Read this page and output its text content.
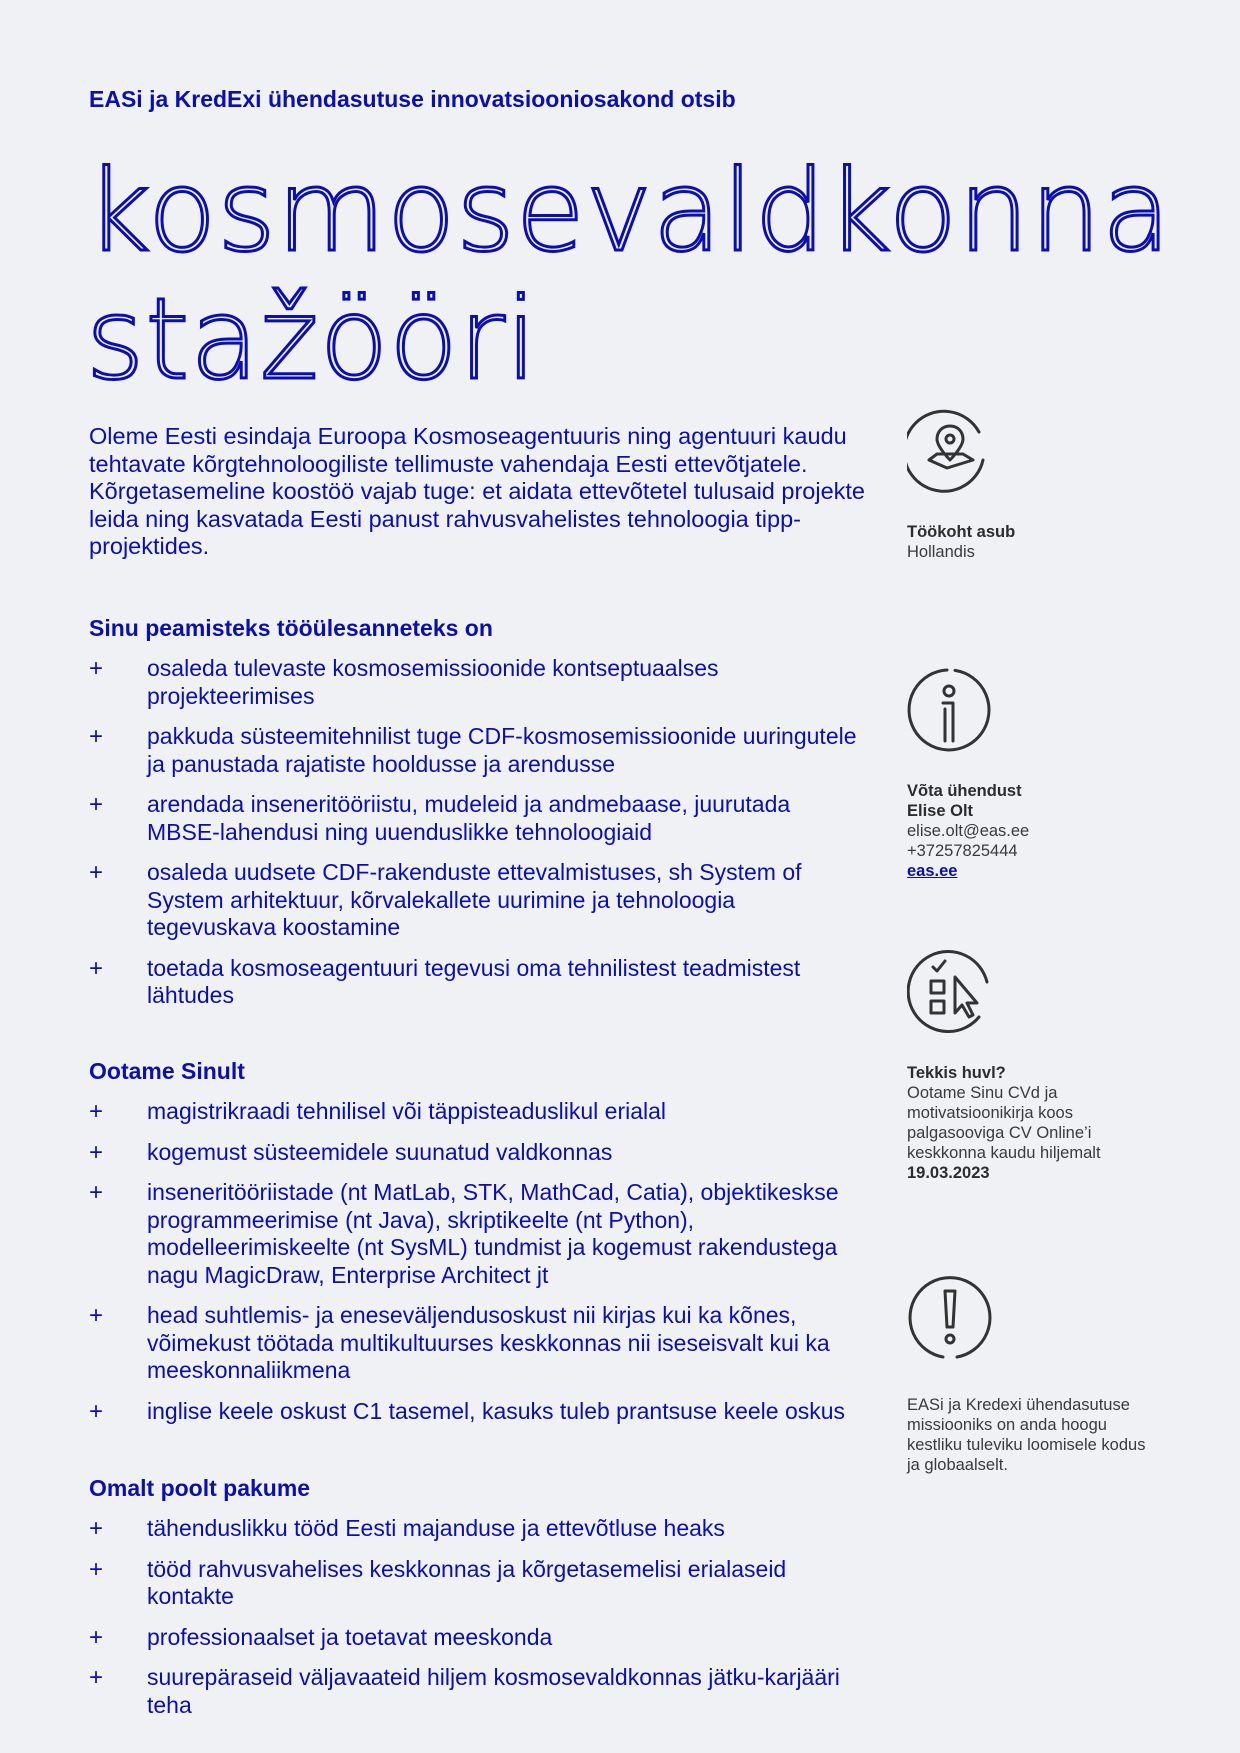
EASi ja KredExi ühendasutuse innovatsiooniosakond otsib
kosmosevaldkonna
stažööri
Oleme Eesti esindaja Euroopa Kosmoseagentuuris ning agentuuri kaudu tehtavate kõrgtehnoloogiliste tellimuste vahendaja Eesti ettevõtjatele. Kõrgetasemeline koostöö vajab tuge: et aidata ettevõtetel tulusaid projekte leida ning kasvatada Eesti panust rahvusvahelistes tehnoloogia tipp-projektides.
Sinu peamisteks tööülesanneteks on
+ osaleda tulevaste kosmosemissioonide kontseptuaalses projekteerimises
+ pakkuda süsteemitehnilist tuge CDF-kosmosemissioonide uuringutele ja panustada rajatiste hooldusse ja arendusse
+ arendada inseneritööriistu, mudeleid ja andmebaase, juurutada MBSE-lahendusi ning uuenduslikke tehnoloogiaid
+ osaleda uudsete CDF-rakenduste ettevalmistuses, sh System of System arhitektuur, kõrvalekallete uurimine ja tehnoloogia tegevuskava koostamine
+ toetada kosmoseagentuuri tegevusi oma tehnilistest teadmistest lähtudes
Ootame Sinult
+ magistrikraadi tehnilisel või täppisteaduslikul erialal
+ kogemust süsteemidele suunatud valdkonnas
+ inseneritööriistade (nt MatLab, STK, MathCad, Catia), objektikeskse programmeerimise (nt Java), skriptikeelte (nt Python), modelleerimiskeelte (nt SysML) tundmist ja kogemust rakendustega nagu MagicDraw, Enterprise Architect jt
+ head suhtlemis- ja eneseväljendusoskust nii kirjas kui ka kõnes, võimekust töötada multikultuurses keskkonnas nii iseseisvalt kui ka meeskonnaliikmena
+ inglise keele oskust C1 tasemel, kasuks tuleb prantsuse keele oskus
Omalt poolt pakume
+ tähenduslikku tööd Eesti majanduse ja ettevõtluse heaks
+ tööd rahvusvahelises keskkonnas ja kõrgetasemelisi erialaseid kontakte
+ professionaalset ja toetavat meeskonda
+ suurepäraseid väljavaateid hiljem kosmosevaldkonnas jätku-karjääri teha
Töökoht asub
Hollandis
Võta ühendust
Elise Olt
elise.olt@eas.ee
+37257825444
eas.ee
Tekkis huvl?
Ootame Sinu CVd ja motivatsioonikirja koos palgasooviga CV Online’i keskkonna kaudu hiljemalt
19.03.2023
EASi ja Kredexi ühendasutuse missiooniks on anda hoogu kestliku tuleviku loomisele kodus ja globaalselt.
